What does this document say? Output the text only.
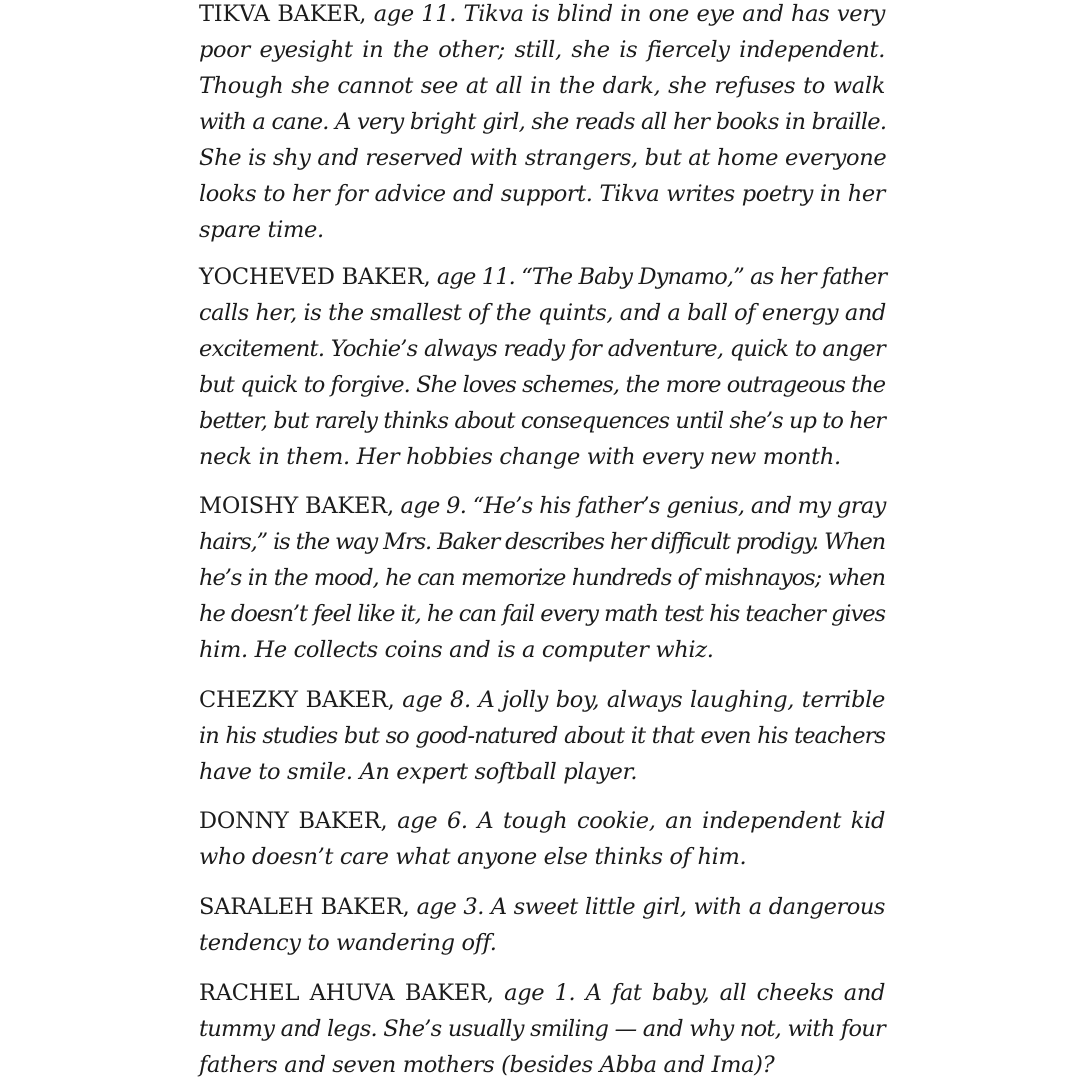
TIKVA BAKER, age 11. Tikva is blind in one eye and has very
poor eyesight in the other; still, she is fiercely independent.
Though she cannot see at all in the dark, she refuses to walk
with a cane. A very bright girl, she reads all her books in braille.
She is shy and reserved with strangers, but at home everyone
looks to her for advice and support. Tikva writes poetry in her
spare time.
YOCHEVED BAKER, age 11. “The Baby Dynamo,” as her father
calls her, is the smallest of the quints, and a ball of energy and
excitement. Yochie’s always ready for adventure, quick to anger
but quick to forgive. She loves schemes, the more outrageous the
better, but rarely thinks about consequences until she’s up to her
neck in them. Her hobbies change with every new month.
MOISHY BAKER, age 9. “He’s his father’s genius, and my gray
hairs,” is the way Mrs. Baker describes her difficult prodigy. When
he’s in the mood, he can memorize hundreds of mishnayos; when
he doesn’t feel like it, he can fail every math test his teacher gives
him. He collects coins and is a computer whiz.
CHEZKY BAKER, age 8. A jolly boy, always laughing, terrible
in his studies but so good-natured about it that even his teachers
have to smile. An expert softball player.
DONNY BAKER, age 6. A tough cookie, an independent kid
who doesn’t care what anyone else thinks of him.
SARALEH BAKER, age 3. A sweet little girl, with a dangerous
tendency to wandering off.
RACHEL AHUVA BAKER, age 1. A fat baby, all cheeks and
tummy and legs. She’s usually smiling — and why not, with four
fathers and seven mothers (besides Abba and Ima)?
